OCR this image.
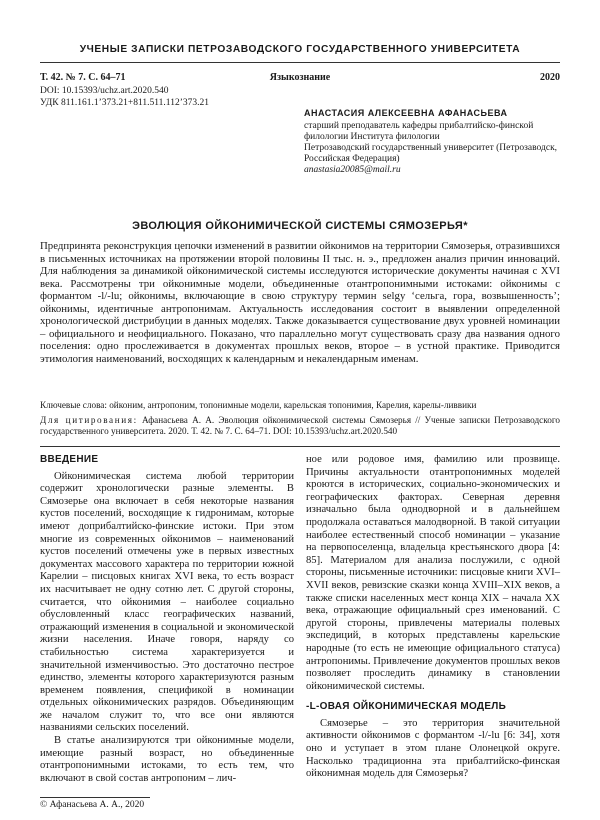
УЧЕНЫЕ ЗАПИСКИ ПЕТРОЗАВОДСКОГО ГОСУДАРСТВЕННОГО УНИВЕРСИТЕТА
Т. 42. № 7. С. 64–71	Языкознание	2020
DOI: 10.15393/uchz.art.2020.540
УДК 811.161.1’373.21+811.511.112’373.21
АНАСТАСИЯ АЛЕКСЕЕВНА АФАНАСЬЕВА
старший преподаватель кафедры прибалтийско-финской филологии Института филологии
Петрозаводский государственный университет (Петрозаводск, Российская Федерация)
anastasia20085@mail.ru
ЭВОЛЮЦИЯ ОЙКОНИМИЧЕСКОЙ СИСТЕМЫ СЯМОЗЕРЬЯ*
Предпринята реконструкция цепочки изменений в развитии ойконимов на территории Сямозерья, отразившихся в письменных источниках на протяжении второй половины II тыс. н. э., предложен анализ причин инноваций. Для наблюдения за динамикой ойконимической системы исследуются исторические документы начиная с XVI века. Рассмотрены три ойконимные модели, объединенные отантропонимными истоками: ойконимы с формантом -l/-lu; ойконимы, включающие в свою структуру термин selgy ‘сельга, гора, возвышенность’; ойконимы, идентичные антропонимам. Актуальность исследования состоит в выявлении определенной хронологической дистрибуции в данных моделях. Также доказывается существование двух уровней номинации – официального и неофициального. Показано, что параллельно могут существовать сразу два названия одного поселения: одно прослеживается в документах прошлых веков, второе – в устной практике. Приводится этимология наименований, восходящих к календарным и некалендарным именам.
Ключевые слова: ойконим, антропоним, топонимные модели, карельская топонимия, Карелия, карелы-ливвики
Для цитирования: Афанасьева А. А. Эволюция ойконимической системы Сямозерья // Ученые записки Петрозаводского государственного университета. 2020. Т. 42. № 7. С. 64–71. DOI: 10.15393/uchz.art.2020.540
ВВЕДЕНИЕ

Ойконимическая система любой территории содержит хронологически разные элементы. В Сямозерье она включает в себя некоторые названия кустов поселений, восходящие к гидронимам, которые имеют доприбалтийско-финские истоки. При этом многие из современных ойконимов – наименований кустов поселений отмечены уже в первых известных документах массового характера по территории южной Карелии – писцовых книгах XVI века, то есть возраст их насчитывает не одну сотню лет. С другой стороны, считается, что ойконимия – наиболее социально обусловленный класс географических названий, отражающий изменения в социальной и экономической жизни населения. Иначе говоря, наряду со стабильностью система характеризуется и значительной изменчивостью. Это достаточно пестрое единство, элементы которого характеризуются разным временем появления, спецификой в номинации отдельных ойконимических разрядов. Объединяющим же началом служит то, что все они являются названиями сельских поселений.

В статье анализируются три ойконимные модели, имеющие разный возраст, но объединенные отантропонимными истоками, то есть тем, что включают в свой состав антропоним – лич-

ное или родовое имя, фамилию или прозвище. Причины актуальности отантропонимных моделей кроются в исторических, социально-экономических и географических факторах. Северная деревня изначально была однодворной и в дальнейшем продолжала оставаться малодворной. В такой ситуации наиболее естественный способ номинации – указание на первопоселенца, владельца крестьянского двора [4: 85]. Материалом для анализа послужили, с одной стороны, письменные источники: писцовые книги XVI–XVII веков, ревизские сказки конца XVIII–XIX веков, а также списки населенных мест конца XIX – начала XX века, отражающие официальный срез именований. С другой стороны, привлечены материалы полевых экспедиций, в которых представлены карельские народные (то есть не имеющие официального статуса) антропонимы. Привлечение документов прошлых веков позволяет проследить динамику в становлении ойконимической системы.

-L-ОВАЯ ОЙКОНИМИЧЕСКАЯ МОДЕЛЬ

Сямозерье – это территория значительной активности ойконимов с формантом -l/-lu [6: 34], хотя оно и уступает в этом плане Олонецкой округе. Насколько традиционна эта прибалтийско-финская ойконимная модель для Сямозерья?

© Афанасьева А. А., 2020
